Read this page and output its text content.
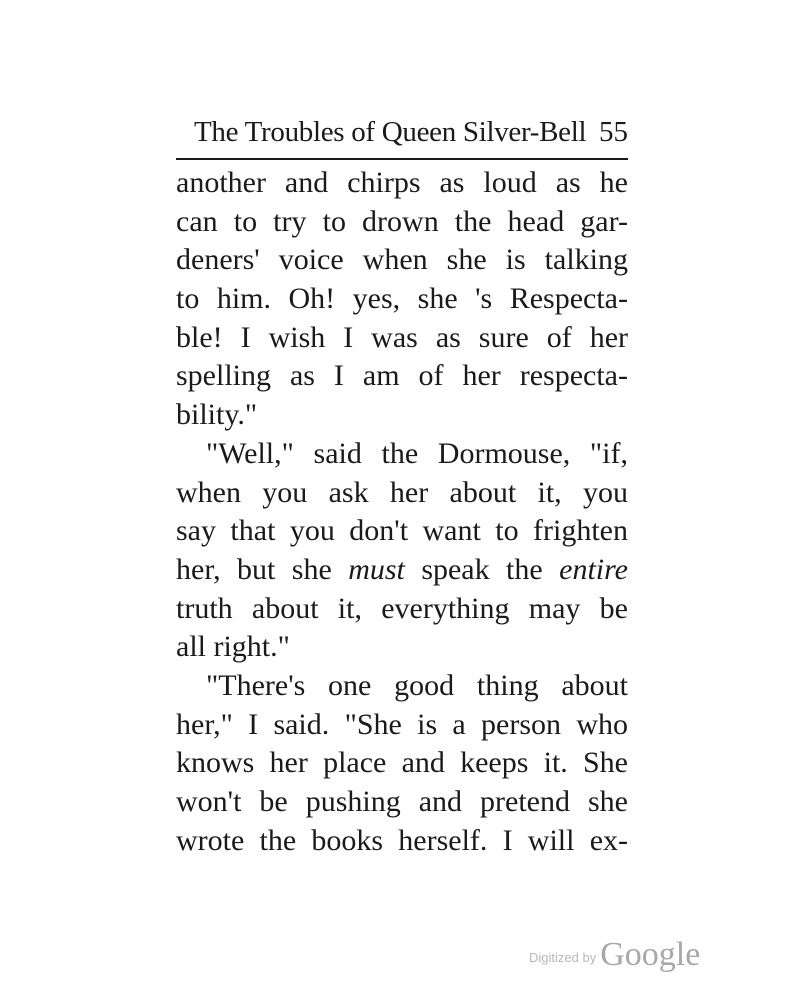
The Troubles of Queen Silver-Bell 55
another and chirps as loud as he
can to try to drown the head gar-
deners' voice when she is talking
to him. Oh! yes, she 's Respecta-
ble! I wish I was as sure of her
spelling as I am of her respecta-
bility."
"Well," said the Dormouse, "if,
when you ask her about it, you
say that you don't want to frighten
her, but she must speak the entire
truth about it, everything may be
all right."
"There's one good thing about
her," I said. "She is a person who
knows her place and keeps it. She
won't be pushing and pretend she
wrote the books herself. I will ex-
Digitized by Google
